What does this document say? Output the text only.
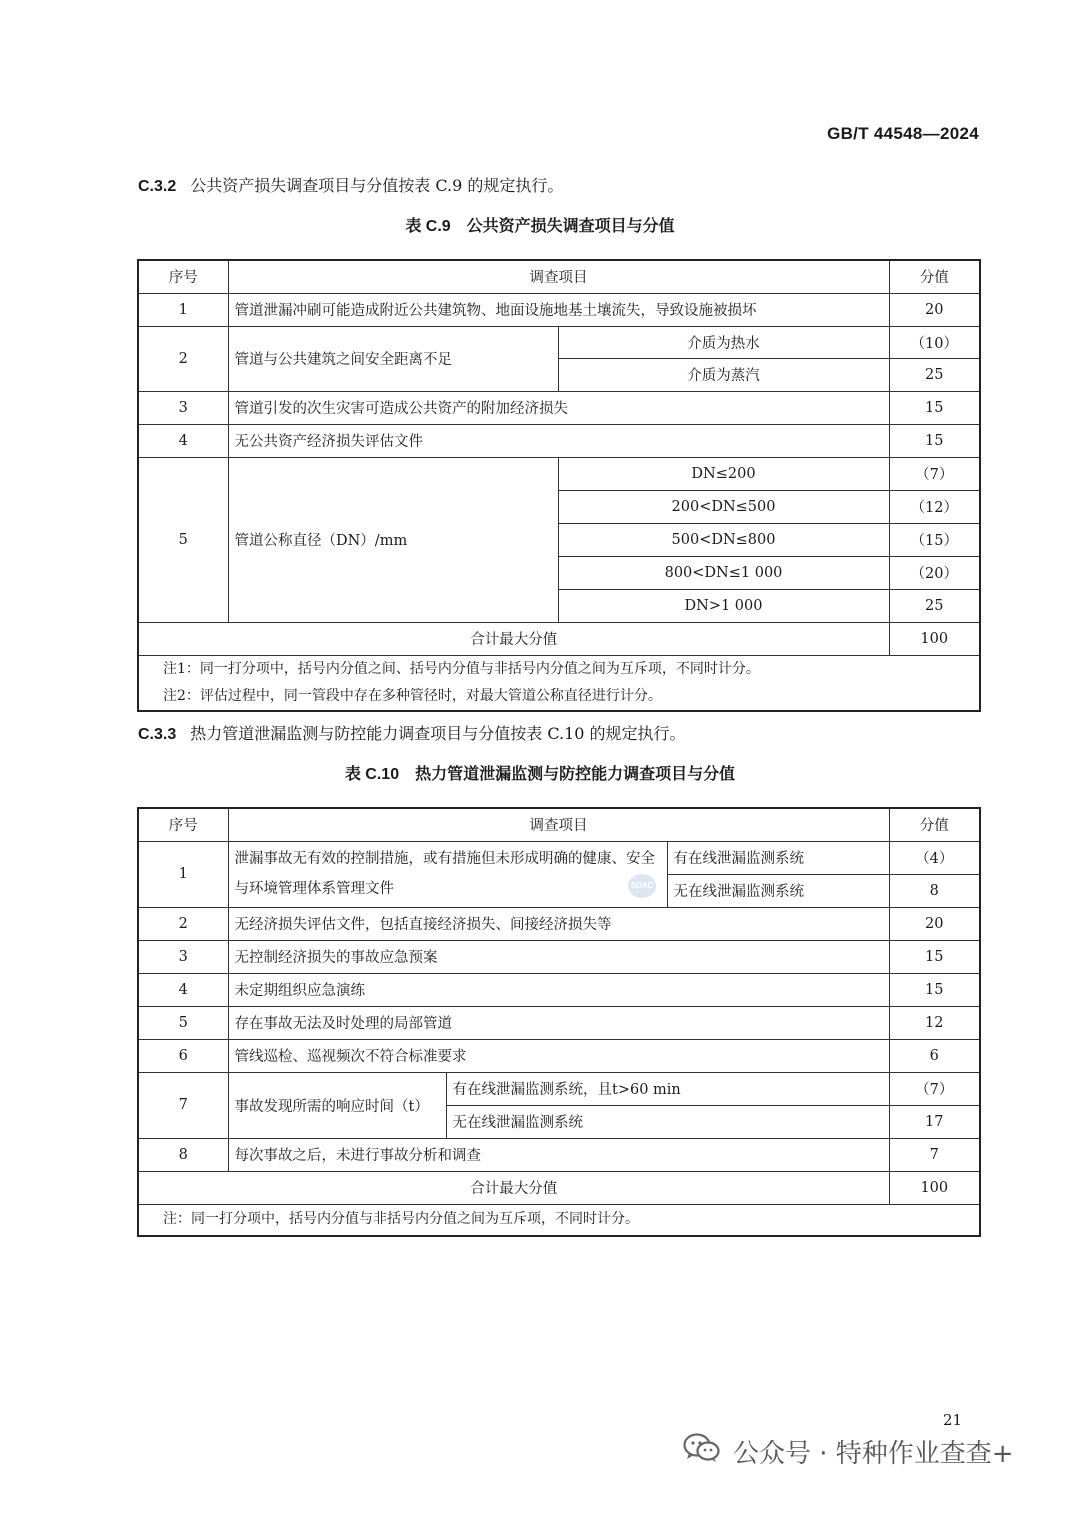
GB/T 44548—2024
C.3.2 公共资产损失调查项目与分值按表 C.9 的规定执行。
表 C.9 公共资产损失调查项目与分值
序号	调查项目		分值
1	管道泄漏冲刷可能造成附近公共建筑物、地面设施地基土壤流失，导致设施被损坏		20
2	管道与公共建筑之间安全距离不足	介质为热水	（10）
		介质为蒸汽	25
3	管道引发的次生灾害可造成公共资产的附加经济损失		15
4	无公共资产经济损失评估文件		15
5	管道公称直径（DN）/mm	DN≤200	（7）
		200<DN≤500	（12）
		500<DN≤800	（15）
		800<DN≤1 000	（20）
		DN>1 000	25
合计最大分值			100

注1：同一打分项中，括号内分值之间、括号内分值与非括号内分值之间为互斥项，不同时计分。
注2：评估过程中，同一管段中存在多种管径时，对最大管道公称直径进行计分。			
C.3.3 热力管道泄漏监测与防控能力调查项目与分值按表 C.10 的规定执行。
表 C.10 热力管道泄漏监测与防控能力调查项目与分值
序号	调查项目			分值
1	泄漏事故无有效的控制措施，或有措施但未形成明确的健康、安全与环境管理体系管理文件		有在线泄漏监测系统	（4）
			无在线泄漏监测系统	8
2	无经济损失评估文件，包括直接经济损失、间接经济损失等			20
3	无控制经济损失的事故应急预案			15
4	未定期组织应急演练			15
5	存在事故无法及时处理的局部管道			12
6	管线巡检、巡视频次不符合标准要求			6
7	事故发现所需的响应时间（t）	有在线泄漏监测系统，且t>60 min		（7）
		无在线泄漏监测系统		17
8	每次事故之后，未进行事故分析和调查			7
合计最大分值				100

注：同一打分项中，括号内分值与非括号内分值之间为互斥项，不同时计分。				
SDAC
21
公众号 · 特种作业查查+
